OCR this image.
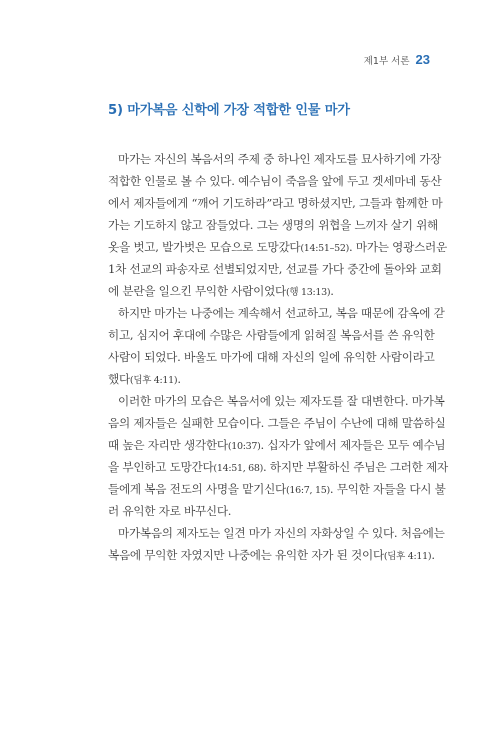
제1부 서론 23
5) 마가복음 신학에 가장 적합한 인물 마가
마가는 자신의 복음서의 주제 중 하나인 제자도를 묘사하기에 가장
적합한 인물로 볼 수 있다. 예수님이 죽음을 앞에 두고 겟세마네 동산
에서 제자들에게 “깨어 기도하라”라고 명하셨지만, 그들과 함께한 마
가는 기도하지 않고 잠들었다. 그는 생명의 위협을 느끼자 살기 위해
옷을 벗고, 발가벗은 모습으로 도망갔다(14:51–52). 마가는 영광스러운
1차 선교의 파송자로 선별되었지만, 선교를 가다 중간에 돌아와 교회
에 분란을 일으킨 무익한 사람이었다(행 13:13).
하지만 마가는 나중에는 계속해서 선교하고, 복음 때문에 감옥에 갇
히고, 심지어 후대에 수많은 사람들에게 읽혀질 복음서를 쓴 유익한
사람이 되었다. 바울도 마가에 대해 자신의 일에 유익한 사람이라고
했다(딤후 4:11).
이러한 마가의 모습은 복음서에 있는 제자도를 잘 대변한다. 마가복
음의 제자들은 실패한 모습이다. 그들은 주님이 수난에 대해 말씀하실
때 높은 자리만 생각한다(10:37). 십자가 앞에서 제자들은 모두 예수님
을 부인하고 도망간다(14:51, 68). 하지만 부활하신 주님은 그러한 제자
들에게 복음 전도의 사명을 맡기신다(16:7, 15). 무익한 자들을 다시 불
러 유익한 자로 바꾸신다.
마가복음의 제자도는 일견 마가 자신의 자화상일 수 있다. 처음에는
복음에 무익한 자였지만 나중에는 유익한 자가 된 것이다(딤후 4:11).
